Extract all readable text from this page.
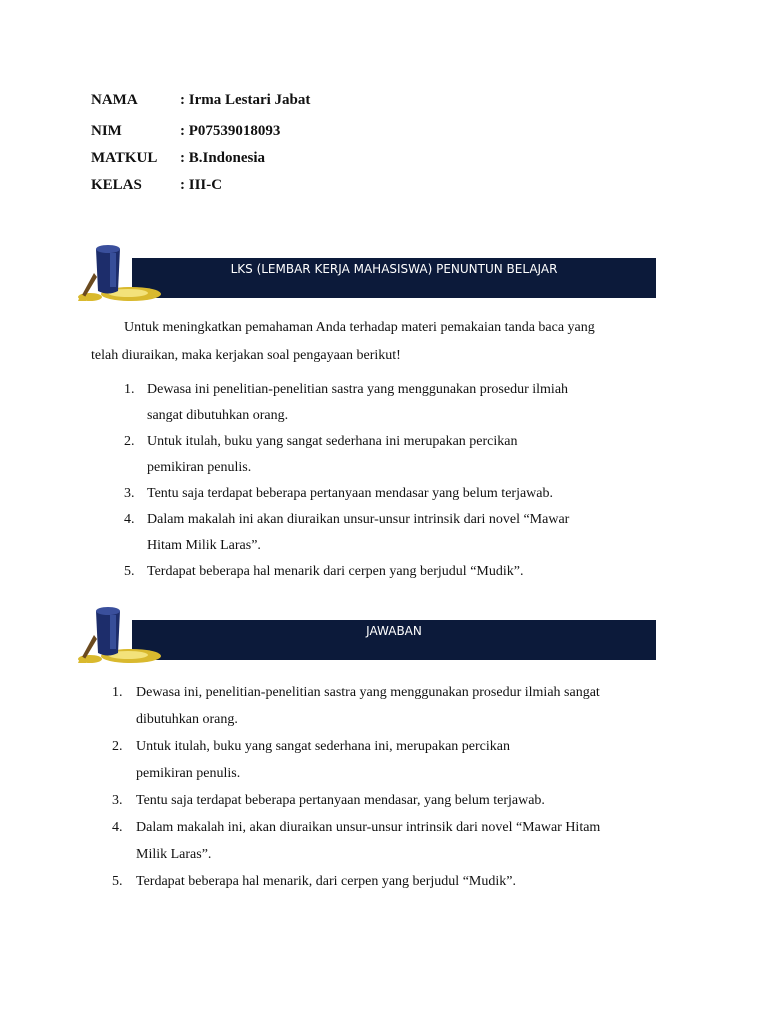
NAMA	: Irma Lestari Jabat
NIM	: P07539018093
MATKUL : B.Indonesia
KELAS	: III-C
LKS (LEMBAR KERJA MAHASISWA) PENUNTUN BELAJAR
Untuk meningkatkan pemahaman Anda terhadap materi pemakaian tanda baca yang
telah diuraikan, maka kerjakan soal pengayaan berikut!
1. Dewasa ini penelitian-penelitian sastra yang menggunakan prosedur ilmiah
sangat dibutuhkan orang.
2. Untuk itulah, buku yang sangat sederhana ini merupakan percikan
pemikiran penulis.
3. Tentu saja terdapat beberapa pertanyaan mendasar yang belum terjawab.
4. Dalam makalah ini akan diuraikan unsur-unsur intrinsik dari novel “Mawar
Hitam Milik Laras”.
5. Terdapat beberapa hal menarik dari cerpen yang berjudul “Mudik”.
JAWABAN
1. Dewasa ini, penelitian-penelitian sastra yang menggunakan prosedur ilmiah sangat
dibutuhkan orang.
2. Untuk itulah, buku yang sangat sederhana ini, merupakan percikan
pemikiran penulis.
3. Tentu saja terdapat beberapa pertanyaan mendasar, yang belum terjawab.
4. Dalam makalah ini, akan diuraikan unsur-unsur intrinsik dari novel “Mawar Hitam
Milik Laras”.
5. Terdapat beberapa hal menarik, dari cerpen yang berjudul “Mudik”.
